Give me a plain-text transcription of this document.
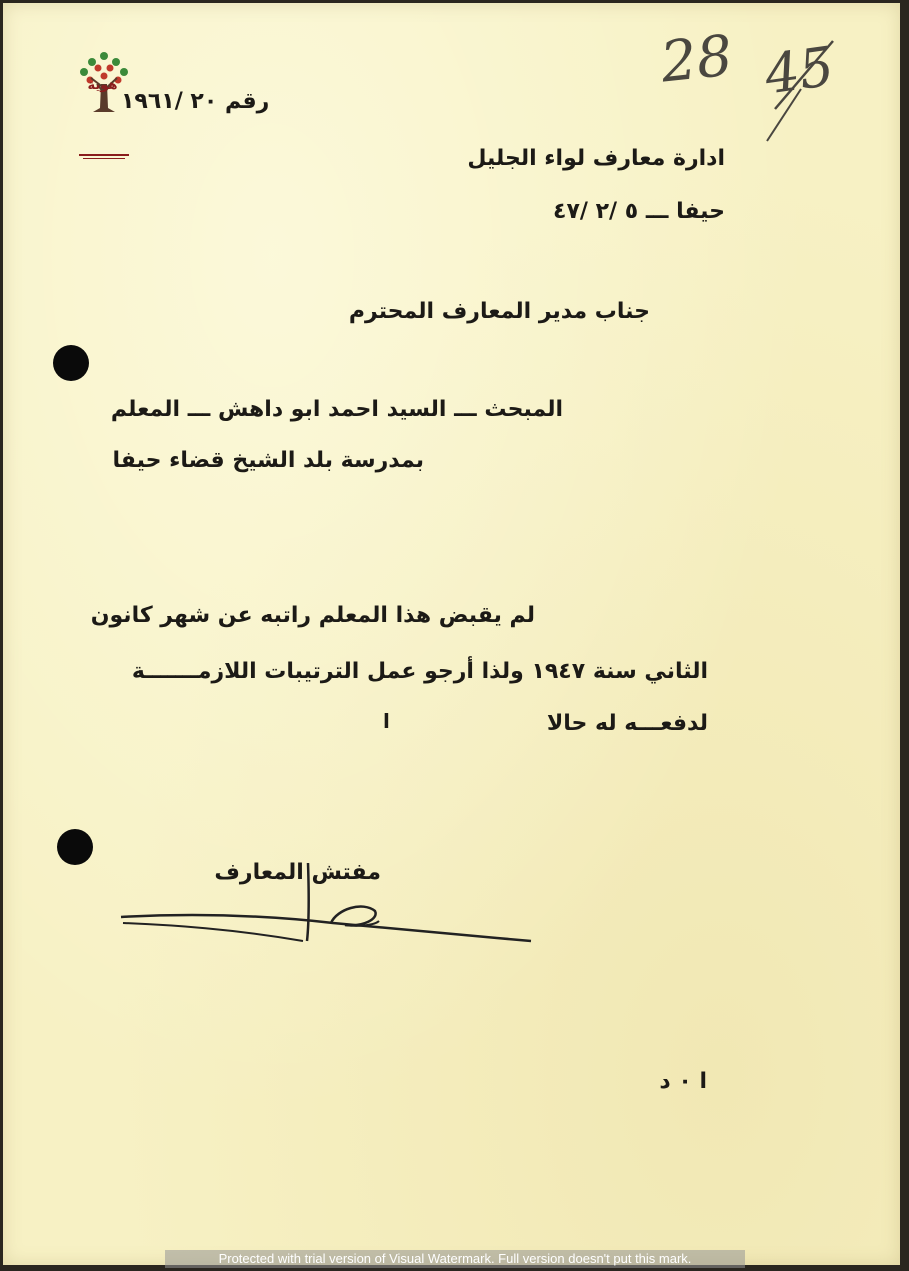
هوية
رقم ٢٠ /١٩٦١
28 45
ادارة معارف لواء الجليل
حيفا ـــ ٥ /٢ /٤٧
جناب مدير المعارف المحترم
المبحث ـــ السيد احمد ابو داهش ـــ المعلم
بمدرسة بلد الشيخ قضاء حيفا
لم يقبض هذا المعلم راتبه عن شهر كانون
الثاني سنة ١٩٤٧ ولذا أرجو عمل الترتيبات اللازمـــــــة
لدفعـــه له حالا
ا
مفتش المعارف
ا ٠ د
Protected with trial version of Visual Watermark. Full version doesn't put this mark.
